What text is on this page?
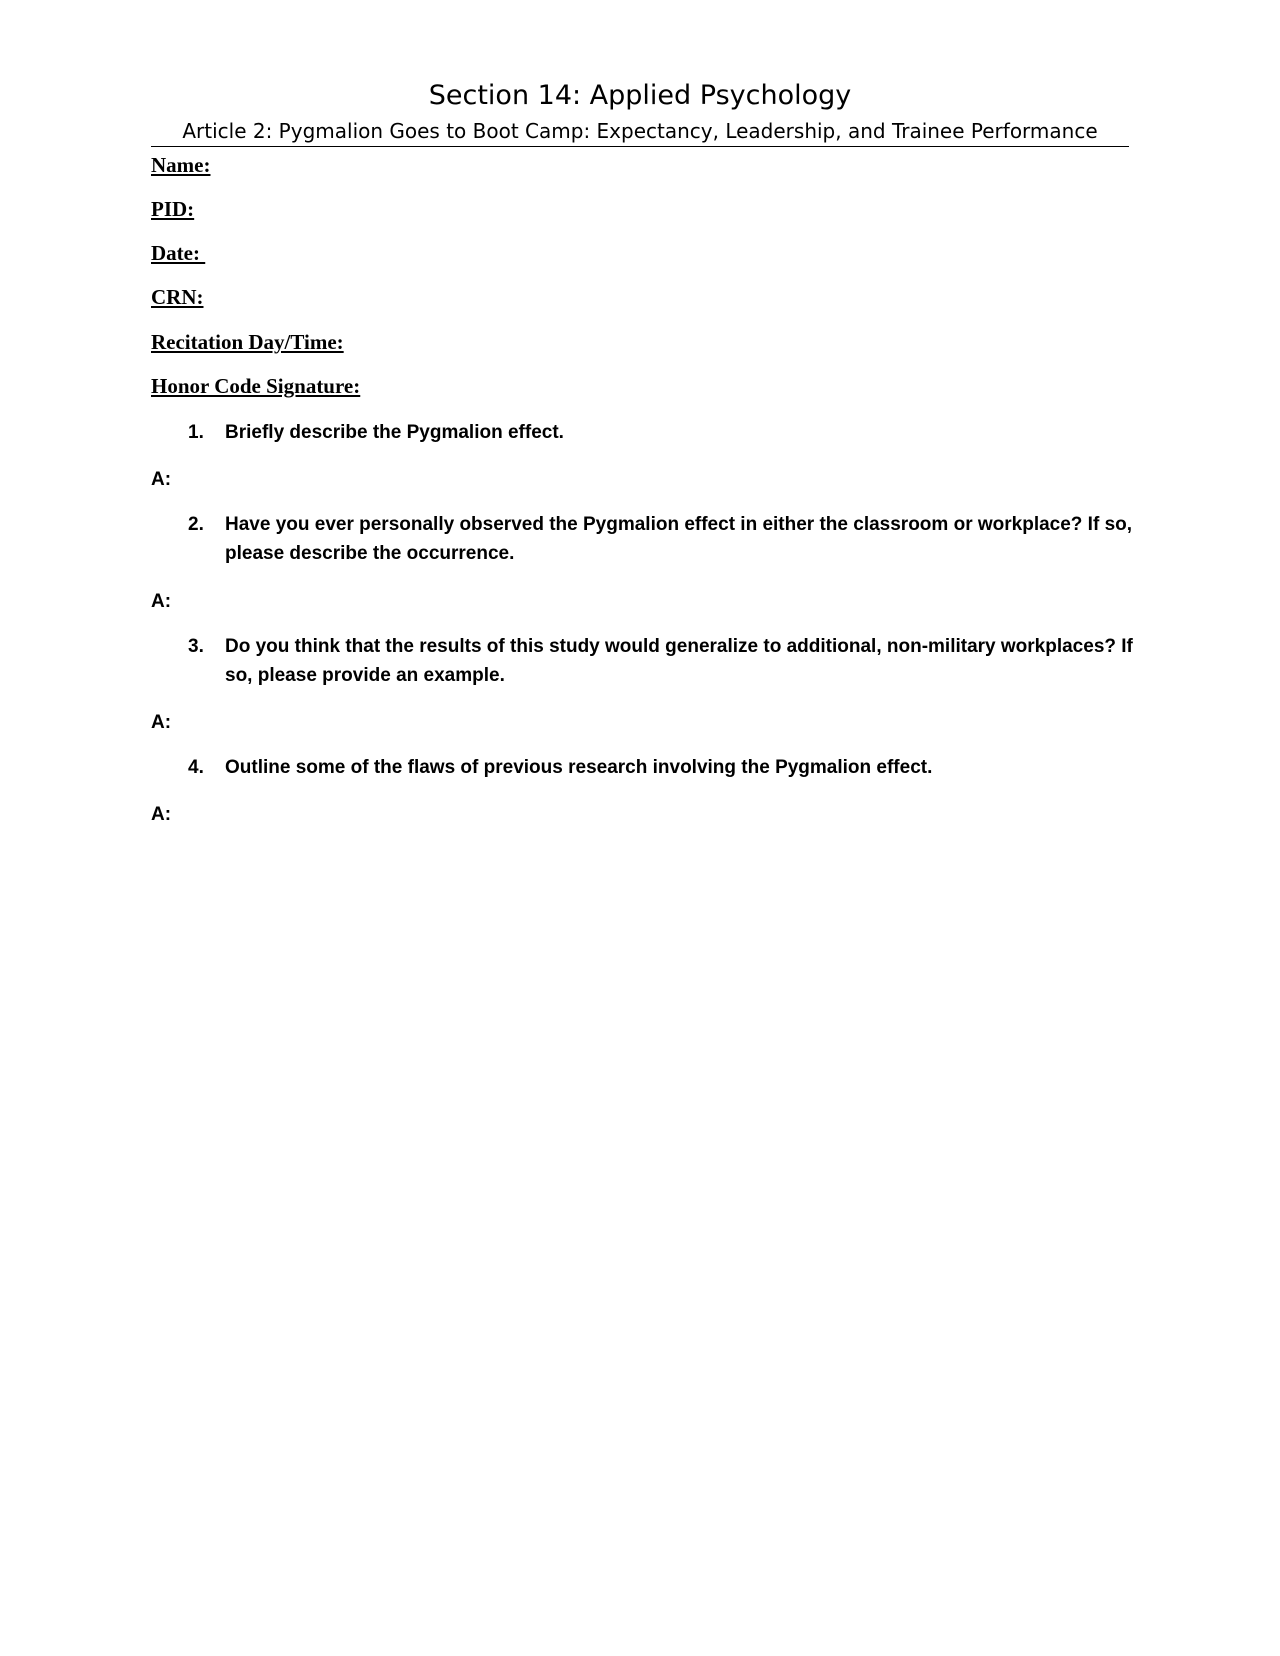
Section 14: Applied Psychology
Article 2: Pygmalion Goes to Boot Camp: Expectancy, Leadership, and Trainee Performance
Name:
PID:
Date:
CRN:
Recitation Day/Time:
Honor Code Signature:
1. Briefly describe the Pygmalion effect.
A:
2. Have you ever personally observed the Pygmalion effect in either the classroom or workplace? If so, please describe the occurrence.
A:
3. Do you think that the results of this study would generalize to additional, non-military workplaces? If so, please provide an example.
A:
4. Outline some of the flaws of previous research involving the Pygmalion effect.
A:
